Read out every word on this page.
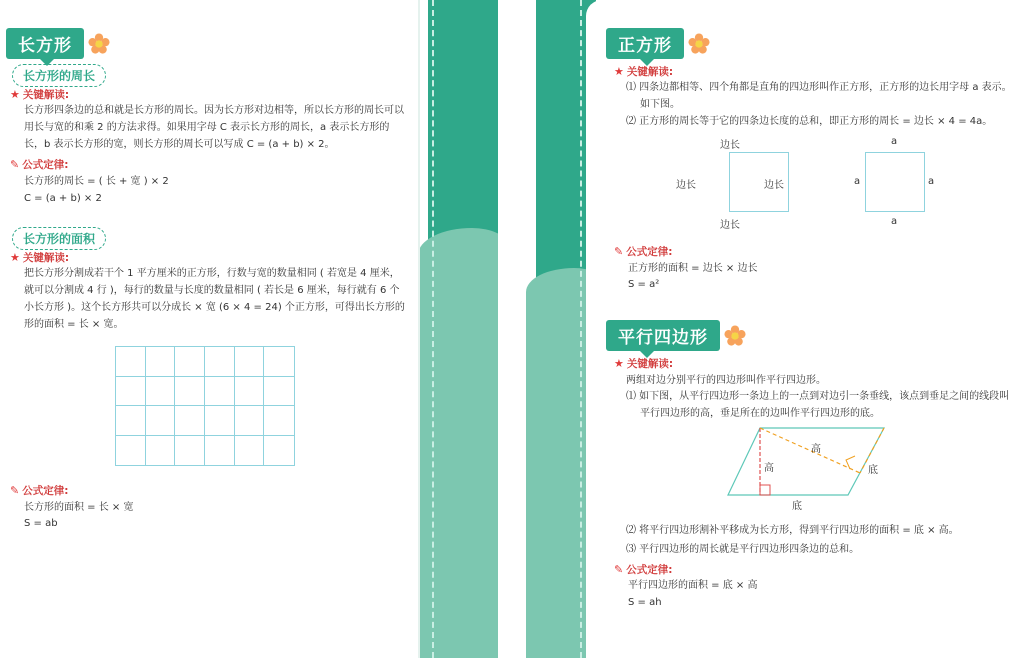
长方形
长方形的周长
★ 关键解读:
长方形四条边的总和就是长方形的周长。因为长方形对边相等，所以长方形的周长可以用长与宽的和乘 2 的方法求得。如果用字母 C 表示长方形的周长，a 表示长方形的长，b 表示长方形的宽，则长方形的周长可以写成 C = (a + b) × 2。
✎ 公式定律:
长方形的周长 = ( 长 + 宽 ) × 2
C = (a + b) × 2
长方形的面积
★ 关键解读:
把长方形分割成若干个 1 平方厘米的正方形，行数与宽的数量相同 ( 若宽是 4 厘米，就可以分割成 4 行 )，每行的数量与长度的数量相同 ( 若长是 6 厘米，每行就有 6 个小长方形 )。这个长方形共可以分成长 × 宽 (6 × 4 = 24) 个正方形，可得出长方形的形的面积 = 长 × 宽。
✎ 公式定律:
长方形的面积 = 长 × 宽
S = ab
正方形
★ 关键解读:
⑴ 四条边都相等、四个角都是直角的四边形叫作正方形，正方形的边长用字母 a 表示。如下图。
⑵ 正方形的周长等于它的四条边长度的总和，即正方形的周长 = 边长 × 4 = 4a。
边长
边长	边长
边长
a
a	a
a
✎ 公式定律:
正方形的面积 = 边长 × 边长
S = a²
平行四边形
★ 关键解读:
两组对边分别平行的四边形叫作平行四边形。
⑴ 如下图，从平行四边形一条边上的一点到对边引一条垂线，该点到垂足之间的线段叫平行四边形的高，垂足所在的边叫作平行四边形的底。
高
高	底
底
⑵ 将平行四边形割补平移成为长方形，得到平行四边形的面积 = 底 × 高。
⑶ 平行四边形的周长就是平行四边形四条边的总和。
✎ 公式定律:
平行四边形的面积 = 底 × 高
S = ah
